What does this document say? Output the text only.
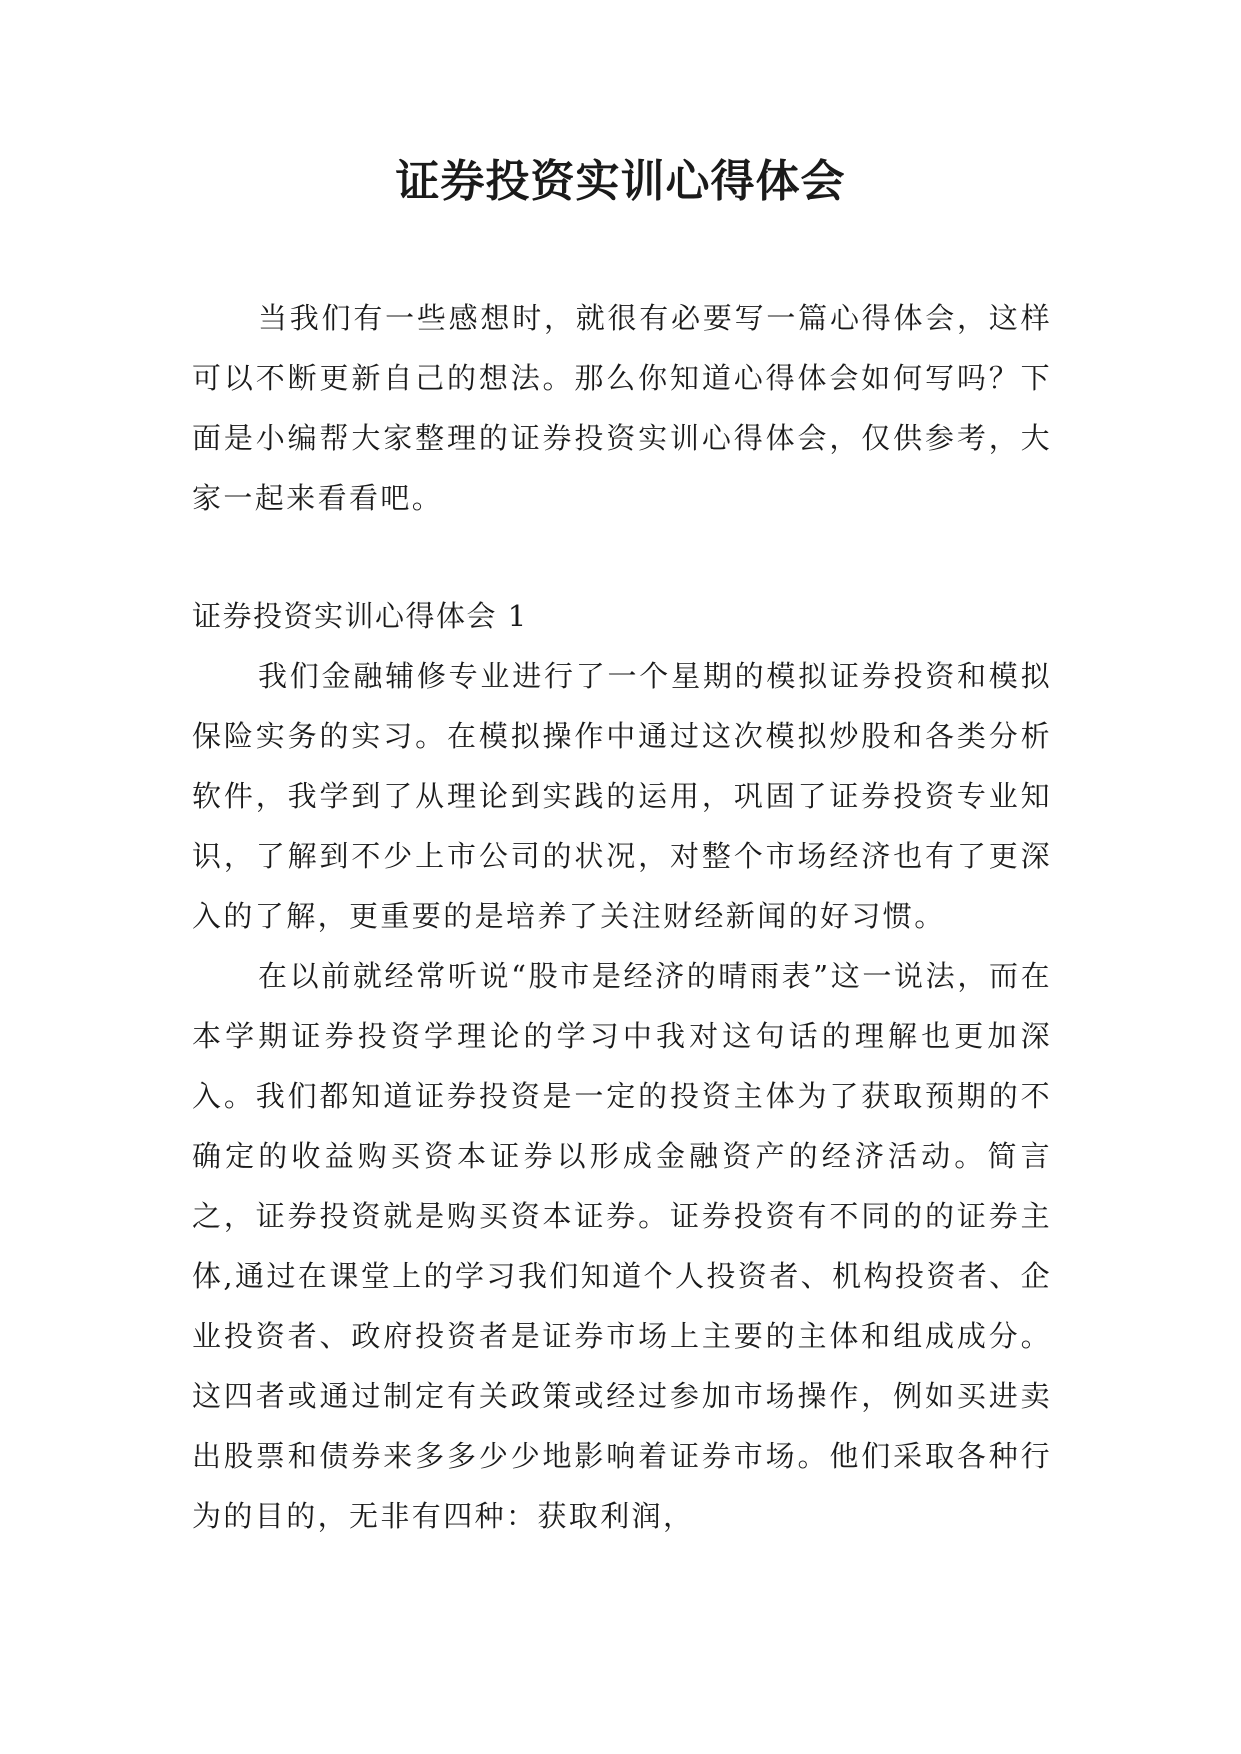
证券投资实训心得体会

当我们有一些感想时，就很有必要写一篇心得体会，这样可以不断更新自己的想法。那么你知道心得体会如何写吗？下面是小编帮大家整理的证券投资实训心得体会，仅供参考，大家一起来看看吧。

证券投资实训心得体会 1

我们金融辅修专业进行了一个星期的模拟证券投资和模拟保险实务的实习。在模拟操作中通过这次模拟炒股和各类分析软件，我学到了从理论到实践的运用，巩固了证券投资专业知识，了解到不少上市公司的状况，对整个市场经济也有了更深入的了解，更重要的是培养了关注财经新闻的好习惯。

在以前就经常听说“股市是经济的晴雨表”这一说法，而在本学期证券投资学理论的学习中我对这句话的理解也更加深入。我们都知道证券投资是一定的投资主体为了获取预期的不确定的收益购买资本证券以形成金融资产的经济活动。简言之，证券投资就是购买资本证券。证券投资有不同的的证券主体,通过在课堂上的学习我们知道个人投资者、机构投资者、企业投资者、政府投资者是证券市场上主要的主体和组成成分。这四者或通过制定有关政策或经过参加市场操作，例如买进卖出股票和债券来多多少少地影响着证券市场。他们采取各种行为的目的，无非有四种：获取利润，
